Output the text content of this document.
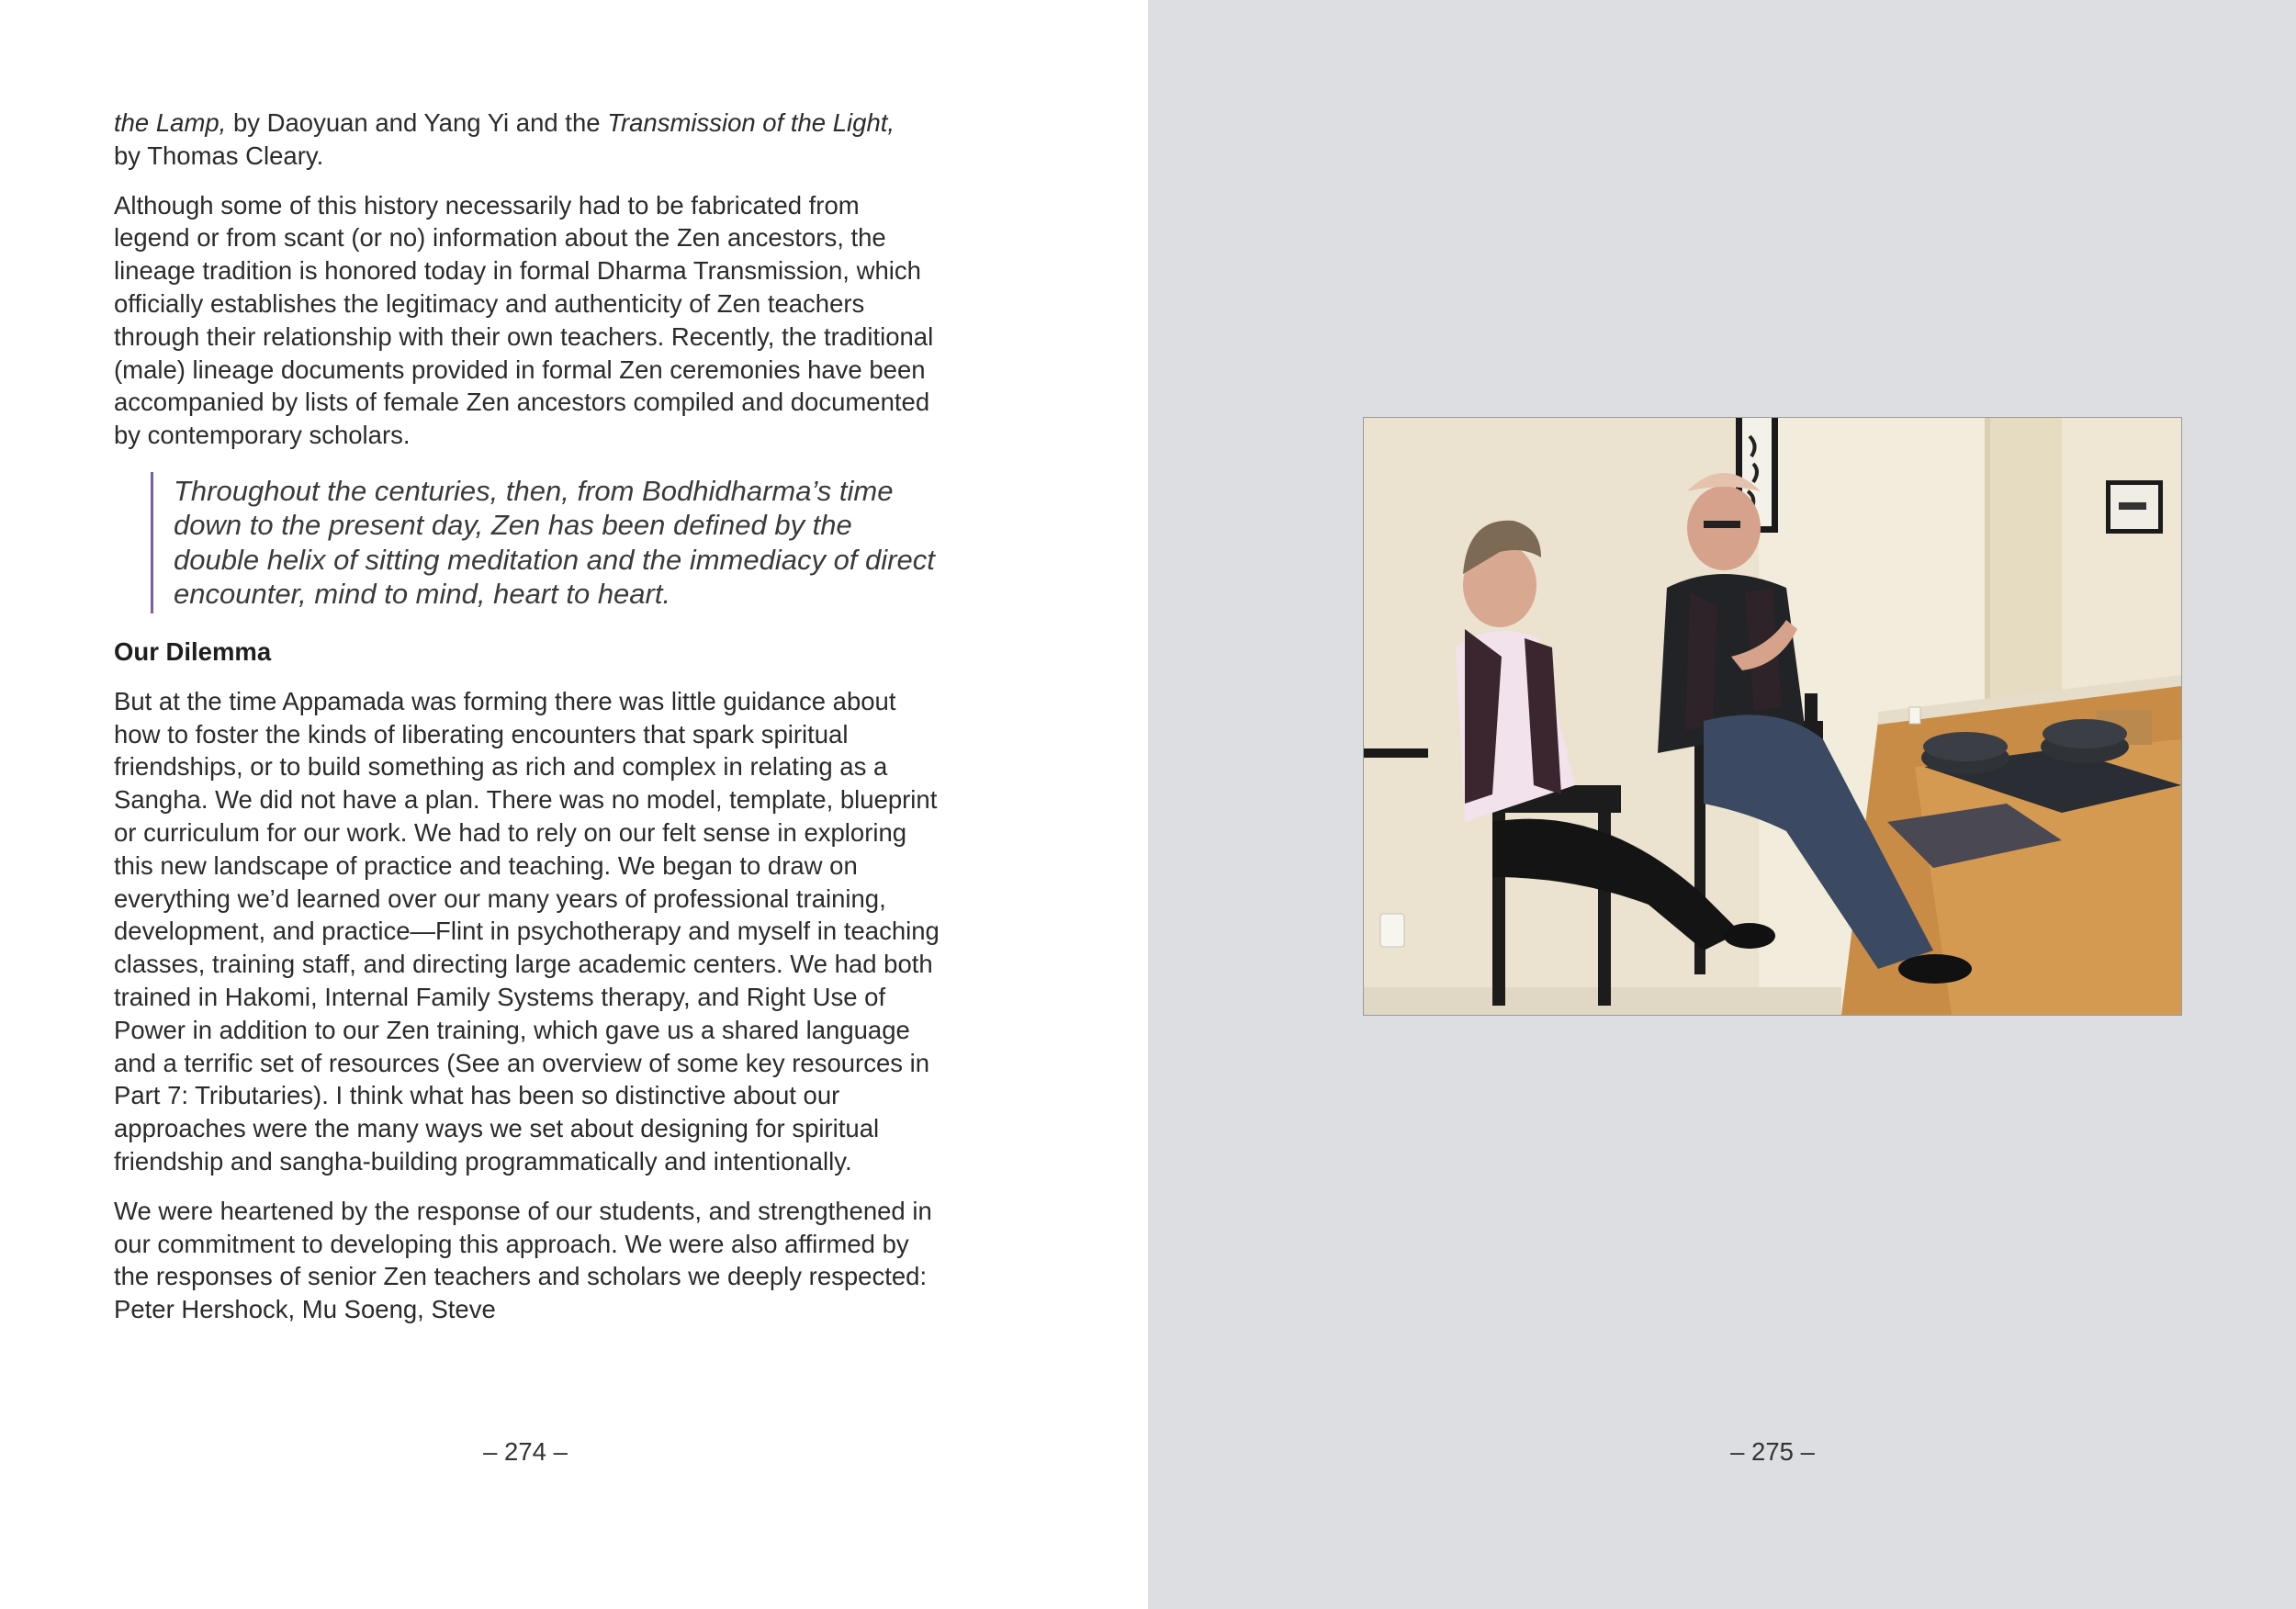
the Lamp, by Daoyuan and Yang Yi and the Transmission of the Light,
by Thomas Cleary.

Although some of this history necessarily had to be fabricated from legend or from scant (or no) information about the Zen ancestors, the lineage tradition is honored today in formal Dharma Transmission, which officially establishes the legitimacy and authenticity of Zen teachers through their relationship with their own teachers. Recently, the traditional (male) lineage documents provided in formal Zen ceremonies have been accompanied by lists of female Zen ancestors compiled and documented by contemporary scholars.

Throughout the centuries, then, from Bodhidharma’s time down to the present day, Zen has been defined by the double helix of sitting meditation and the immediacy of direct encounter, mind to mind, heart to heart.

Our Dilemma

But at the time Appamada was forming there was little guidance about how to foster the kinds of liberating encounters that spark spiritual friendships, or to build something as rich and complex in relating as a Sangha. We did not have a plan. There was no model, template, blueprint or curriculum for our work. We had to rely on our felt sense in exploring this new landscape of practice and teaching. We began to draw on everything we’d learned over our many years of professional training, development, and practice—Flint in psychotherapy and myself in teaching classes, training staff, and directing large academic centers. We had both trained in Hakomi, Internal Family Systems therapy, and Right Use of Power in addition to our Zen training, which gave us a shared language and a terrific set of resources (See an overview of some key resources in Part 7: Tributaries). I think what has been so distinctive about our approaches were the many ways we set about designing for spiritual friendship and sangha-building programmatically and intentionally.

We were heartened by the response of our students, and strengthened in our commitment to developing this approach. We were also affirmed by the responses of senior Zen teachers and scholars we deeply respected: Peter Hershock, Mu Soeng, Steve

– 274 –	– 275 –
